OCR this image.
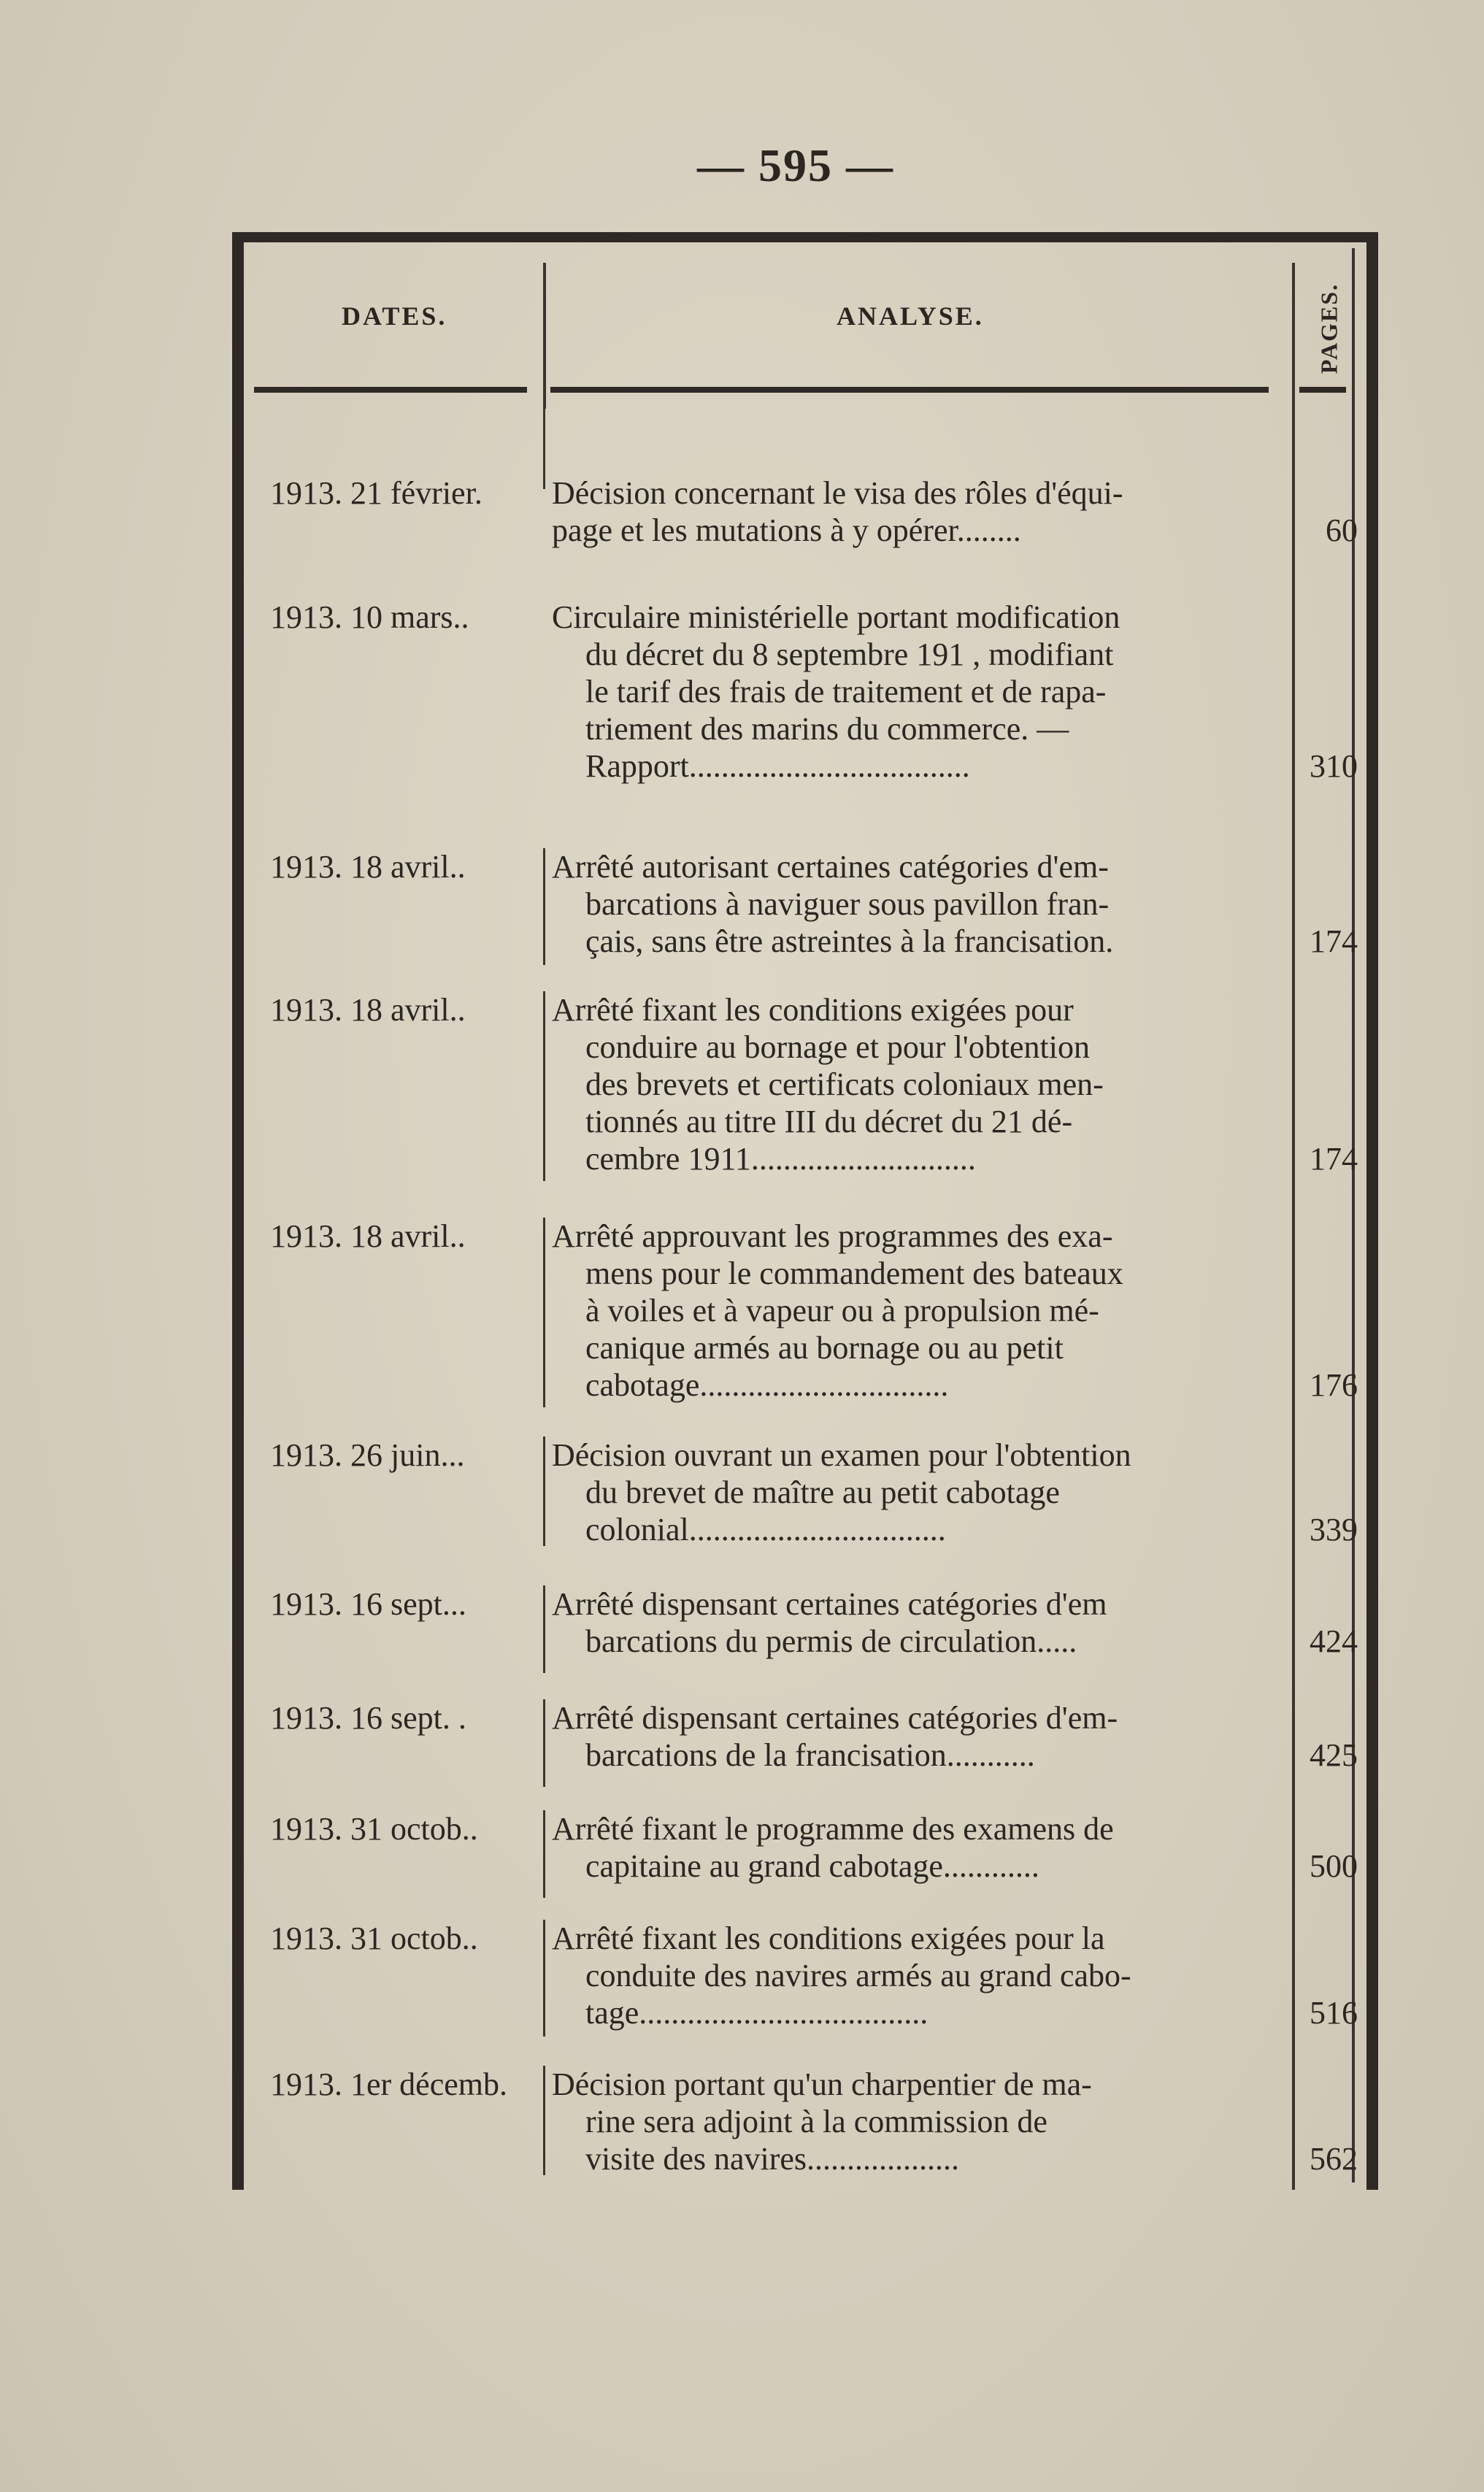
— 595 —
DATES.	ANALYSE.	PAGES.
1913. 21 février. Décision concernant le visa des rôles d'équi-
page et les mutations à y opérer........	60
1913. 10 mars..	Circulaire ministérielle portant modification
du décret du 8 septembre 191 , modifiant
le tarif des frais de traitement et de rapa-
triement des marins du commerce. —
Rapport...................................	310
1913. 18 avril..	Arrêté autorisant certaines catégories d'em-
barcations à naviguer sous pavillon fran-
çais, sans être astreintes à la francisation.	174
1913. 18 avril..	Arrêté fixant les conditions exigées pour
conduire au bornage et pour l'obtention
des brevets et certificats coloniaux men-
tionnés au titre III du décret du 21 dé-
cembre 1911............................	174
1913. 18 avril..	Arrêté approuvant les programmes des exa-
mens pour le commandement des bateaux
à voiles et à vapeur ou à propulsion mé-
canique armés au bornage ou au petit
cabotage...............................	176
1913. 26 juin...	Décision ouvrant un examen pour l'obtention
du brevet de maître au petit cabotage
colonial................................	339
1913. 16 sept...	Arrêté dispensant certaines catégories d'em
barcations du permis de circulation.....	424
1913. 16 sept. .	Arrêté dispensant certaines catégories d'em-
barcations de la francisation...........	425
1913. 31 octob.. Arrêté fixant le programme des examens de
capitaine au grand cabotage............	500
1913. 31 octob.. Arrêté fixant les conditions exigées pour la
conduite des navires armés au grand cabo-
tage....................................	516
1913. 1er décemb. Décision portant qu'un charpentier de ma-
rine sera adjoint à la commission de
visite des navires...................	562
